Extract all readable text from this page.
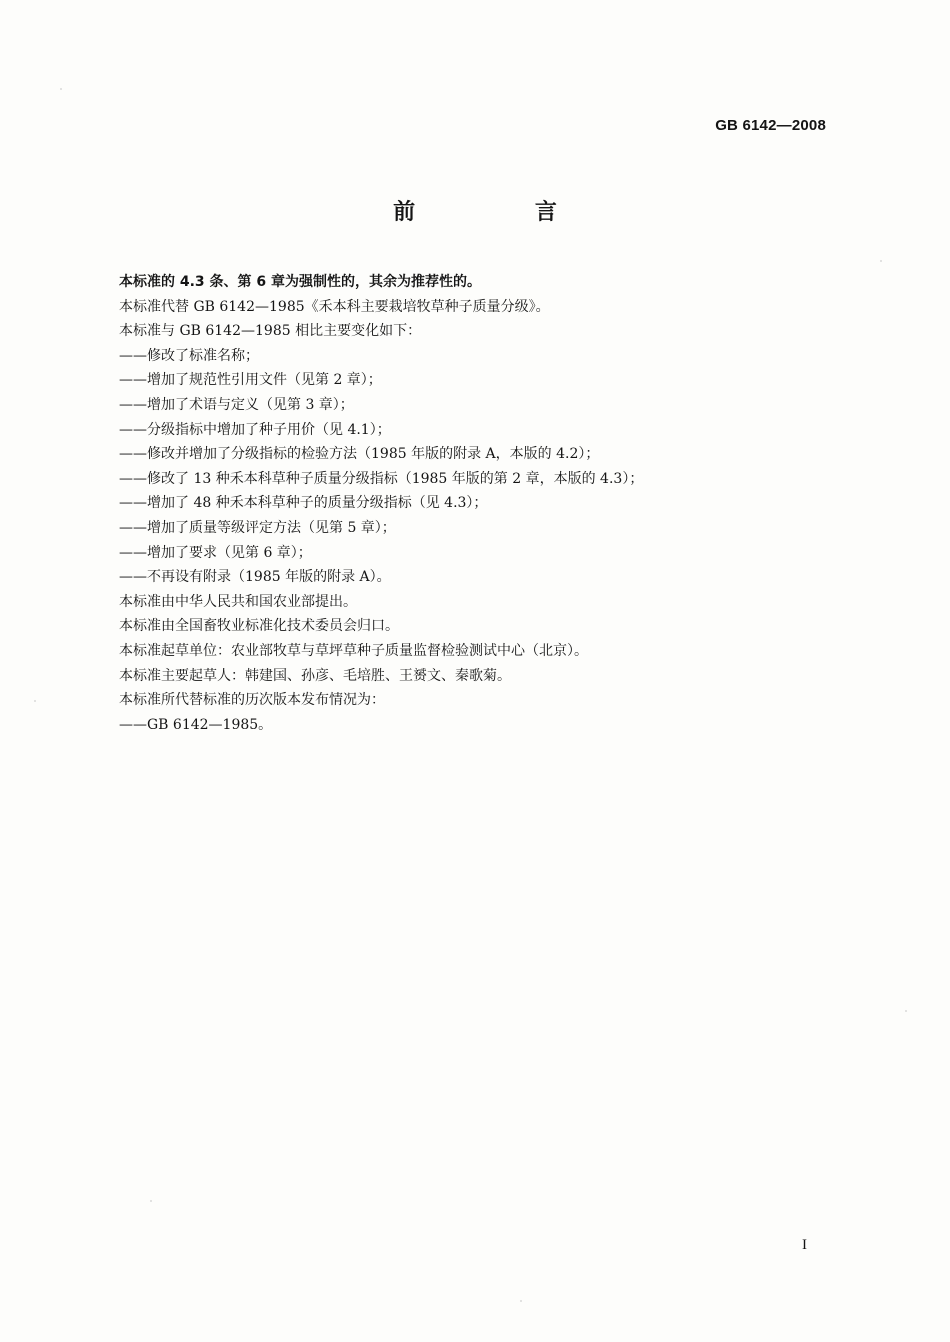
GB 6142—2008
前 言
本标准的 4.3 条、第 6 章为强制性的，其余为推荐性的。
本标准代替 GB 6142—1985《禾本科主要栽培牧草种子质量分级》。
本标准与 GB 6142—1985 相比主要变化如下：
——修改了标准名称；
——增加了规范性引用文件（见第 2 章）；
——增加了术语与定义（见第 3 章）；
——分级指标中增加了种子用价（见 4.1）；
——修改并增加了分级指标的检验方法（1985 年版的附录 A，本版的 4.2）；
——修改了 13 种禾本科草种子质量分级指标（1985 年版的第 2 章，本版的 4.3）；
——增加了 48 种禾本科草种子的质量分级指标（见 4.3）；
——增加了质量等级评定方法（见第 5 章）；
——增加了要求（见第 6 章）；
——不再设有附录（1985 年版的附录 A）。
本标准由中华人民共和国农业部提出。
本标准由全国畜牧业标准化技术委员会归口。
本标准起草单位：农业部牧草与草坪草种子质量监督检验测试中心（北京）。
本标准主要起草人：韩建国、孙彦、毛培胜、王赟文、秦歌菊。
本标准所代替标准的历次版本发布情况为：
——GB 6142—1985。
I
